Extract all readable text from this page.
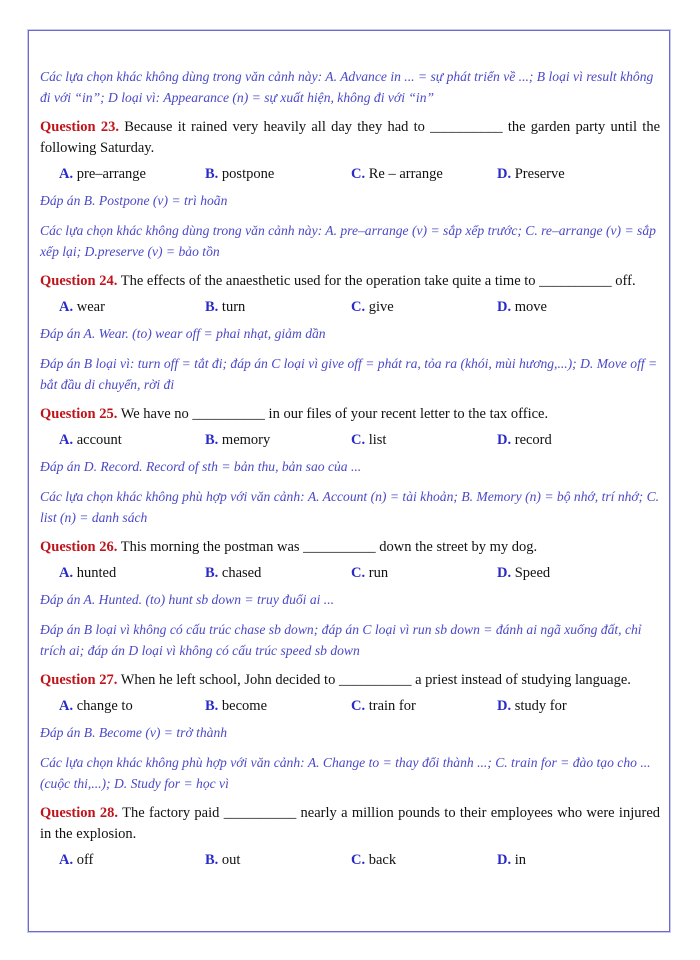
Các lựa chọn khác không dùng trong văn cảnh này: A. Advance in ... = sự phát triển về ...; B loại vì result không đi với “in”; D loại vì: Appearance (n) = sự xuất hiện, không đi với “in”

Question 23. Because it rained very heavily all day they had to __________ the garden party until the following Saturday.

A. pre–arrange	B. postpone	C. Re – arrange	D. Preserve

Đáp án B. Postpone (v) = trì hoãn

Các lựa chọn khác không dùng trong văn cảnh này: A. pre–arrange (v) = sắp xếp trước; C. re–arrange (v) = sắp xếp lại; D.preserve (v) = bảo tồn

Question 24. The effects of the anaesthetic used for the operation take quite a time to __________ off.

A. wear	B. turn	C. give	D. move

Đáp án A. Wear. (to) wear off = phai nhạt, giảm dần

Đáp án B loại vì: turn off = tắt đi; đáp án C loại vì give off = phát ra, tỏa ra (khói, mùi hương,...); D. Move off = bắt đầu di chuyển, rời đi

Question 25. We have no __________ in our files of your recent letter to the tax office.

A. account	B. memory	C. list	D. record

Đáp án D. Record. Record of sth = bản thu, bản sao của ...

Các lựa chọn khác không phù hợp với văn cảnh: A. Account (n) = tài khoản; B. Memory (n) = bộ nhớ, trí nhớ; C. list (n) = danh sách

Question 26. This morning the postman was __________ down the street by my dog.

A. hunted	B. chased	C. run	D. Speed

Đáp án A. Hunted. (to) hunt sb down = truy đuổi ai ...

Đáp án B loại vì không có cấu trúc chase sb down; đáp án C loại vì run sb down = đánh ai ngã xuống đất, chỉ trích ai; đáp án D loại vì không có cấu trúc speed sb down

Question 27. When he left school, John decided to __________ a priest instead of studying language.

A. change to	B. become	C. train for	D. study for

Đáp án B. Become (v) = trở thành

Các lựa chọn khác không phù hợp với văn cảnh: A. Change to = thay đổi thành ...; C. train for = đào tạo cho ...(cuộc thi,...); D. Study for = học vì

Question 28. The factory paid __________ nearly a million pounds to their employees who were injured in the explosion.

A. off	B. out	C. back	D. in
